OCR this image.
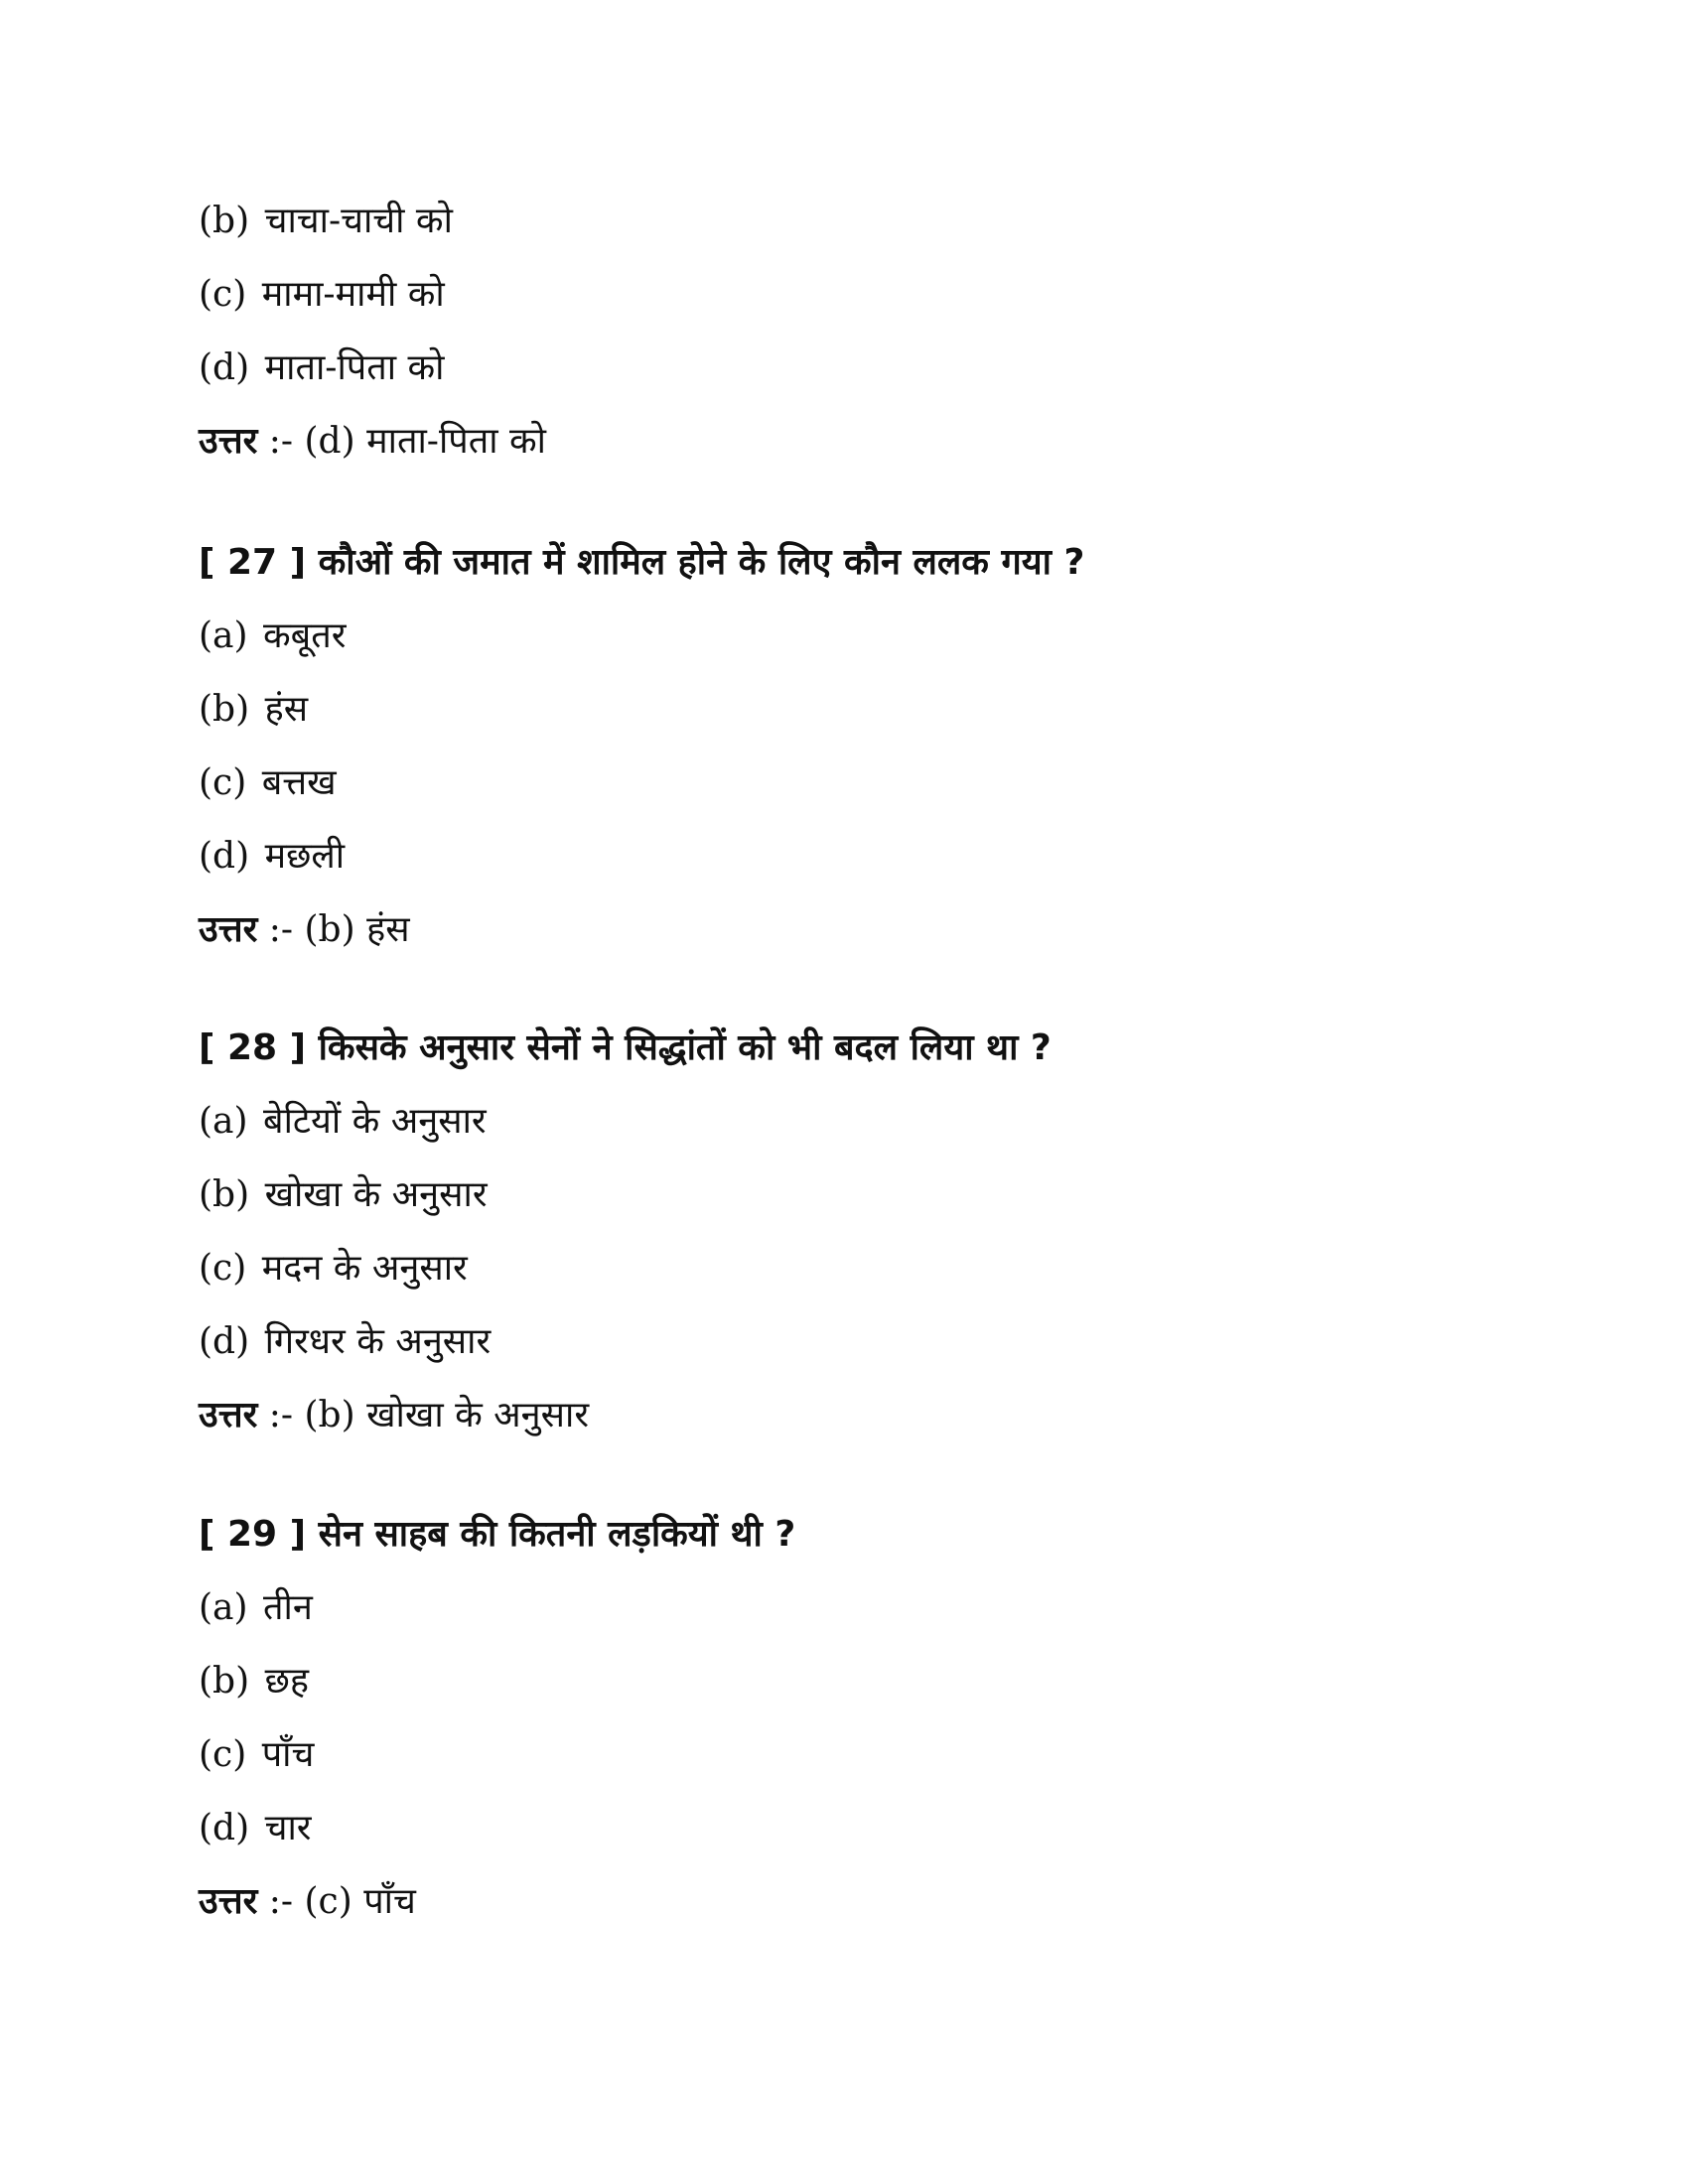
(b) चाचा-चाची को
(c) मामा-मामी को
(d) माता-पिता को
उत्तर :- (d) माता-पिता को
[ 27 ] कौओं की जमात में शामिल होने के लिए कौन ललक गया ?
(a) कबूतर
(b) हंस
(c) बत्तख
(d) मछली
उत्तर :- (b) हंस
[ 28 ] किसके अनुसार सेनों ने सिद्धांतों को भी बदल लिया था ?
(a) बेटियों के अनुसार
(b) खोखा के अनुसार
(c) मदन के अनुसार
(d) गिरधर के अनुसार
उत्तर :- (b) खोखा के अनुसार
[ 29 ] सेन साहब की कितनी लड़कियों थी ?
(a) तीन
(b) छह
(c) पाँच
(d) चार
उत्तर :- (c) पाँच
